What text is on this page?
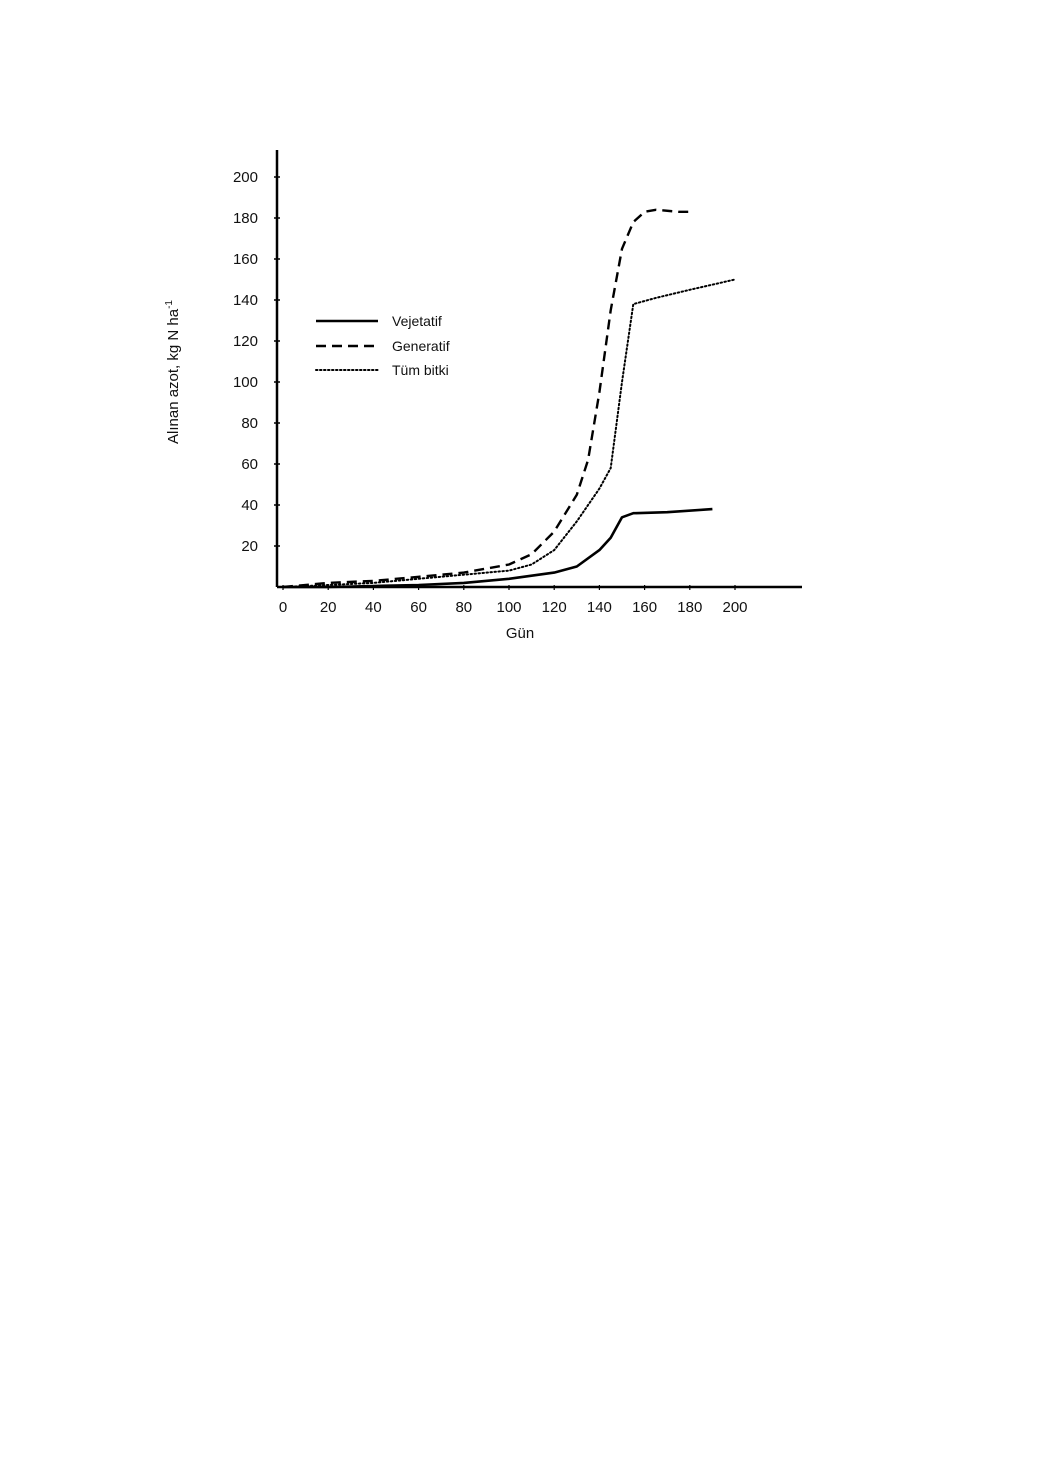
20
40
60
80
100
120
140
160
180
200
0 20 40 60 80 100 120 140 160 180 200
Gün
Alınan azot, kg N $ha^{-1}$
Vejetatif
Generatif
Tüm bitki
